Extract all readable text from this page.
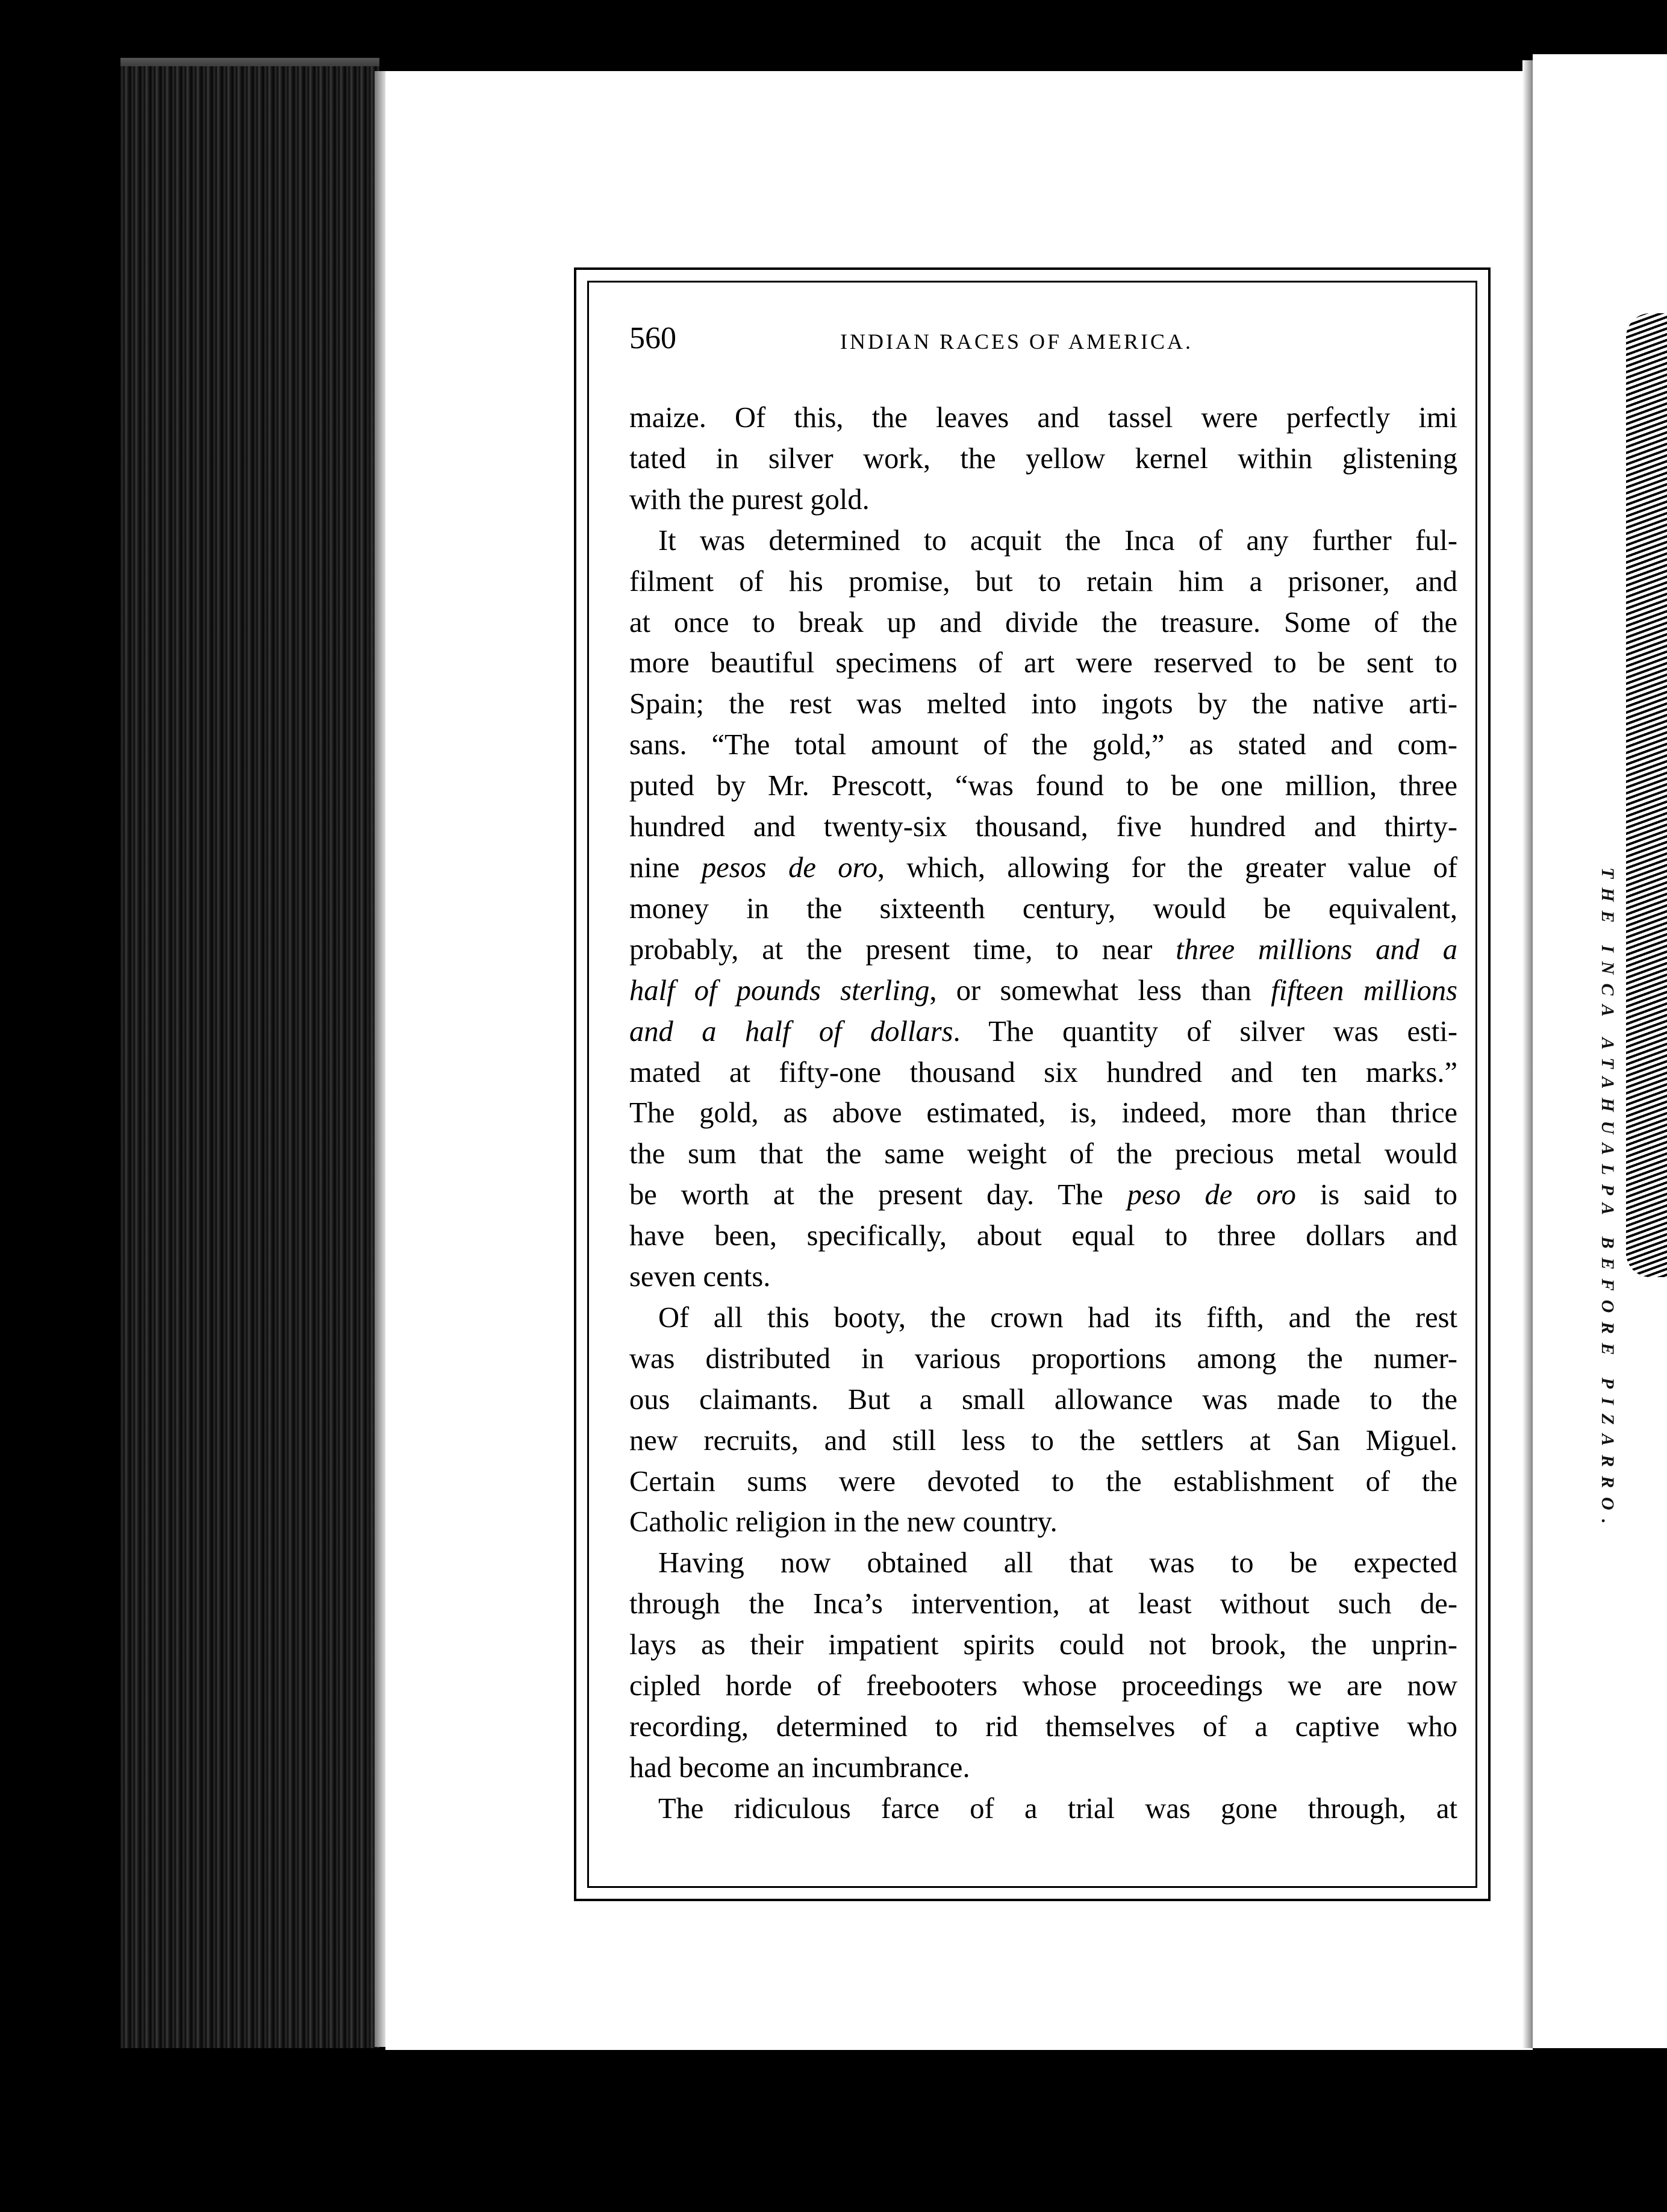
THE INCA ATAHUALPA BEFORE PIZARRO.
560	INDIAN RACES OF AMERICA.
maize. Of this, the leaves and tassel were perfectly imi
tated in silver work, the yellow kernel within glistening
with the purest gold.
It was determined to acquit the Inca of any further ful-
filment of his promise, but to retain him a prisoner, and
at once to break up and divide the treasure. Some of the
more beautiful specimens of art were reserved to be sent to
Spain; the rest was melted into ingots by the native arti-
sans. “The total amount of the gold,” as stated and com-
puted by Mr. Prescott, “was found to be one million, three
hundred and twenty-six thousand, five hundred and thirty-
nine pesos de oro, which, allowing for the greater value of
money in the sixteenth century, would be equivalent,
probably, at the present time, to near three millions and a
half of pounds sterling, or somewhat less than fifteen millions
and a half of dollars. The quantity of silver was esti-
mated at fifty-one thousand six hundred and ten marks.”
The gold, as above estimated, is, indeed, more than thrice
the sum that the same weight of the precious metal would
be worth at the present day. The peso de oro is said to
have been, specifically, about equal to three dollars and
seven cents.
Of all this booty, the crown had its fifth, and the rest
was distributed in various proportions among the numer-
ous claimants. But a small allowance was made to the
new recruits, and still less to the settlers at San Miguel.
Certain sums were devoted to the establishment of the
Catholic religion in the new country.
Having now obtained all that was to be expected
through the Inca’s intervention, at least without such de-
lays as their impatient spirits could not brook, the unprin-
cipled horde of freebooters whose proceedings we are now
recording, determined to rid themselves of a captive who
had become an incumbrance.
The ridiculous farce of a trial was gone through, at
